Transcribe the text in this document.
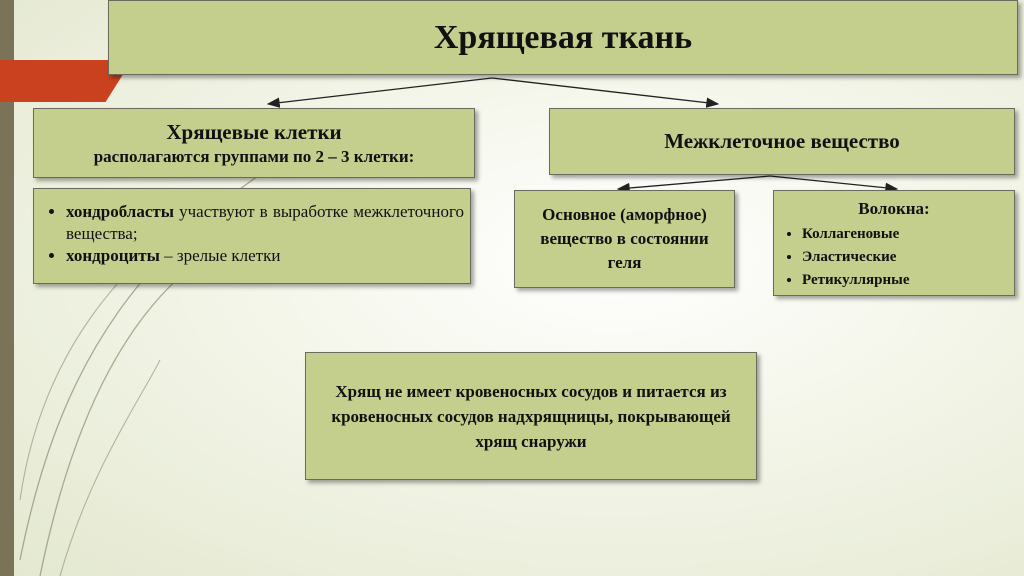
Хрящевая ткань
Хрящевые клетки
располагаются группами по 2 – 3 клетки:
Межклеточное вещество
• хондробласты участвуют в выработке межклеточного вещества;
• хондроциты – зрелые клетки
Основное (аморфное) вещество в состоянии геля
Волокна:
• Коллагеновые
• Эластические
• Ретикуллярные
Хрящ не имеет кровеносных сосудов и питается из кровеносных сосудов надхрящницы, покрывающей хрящ снаружи
